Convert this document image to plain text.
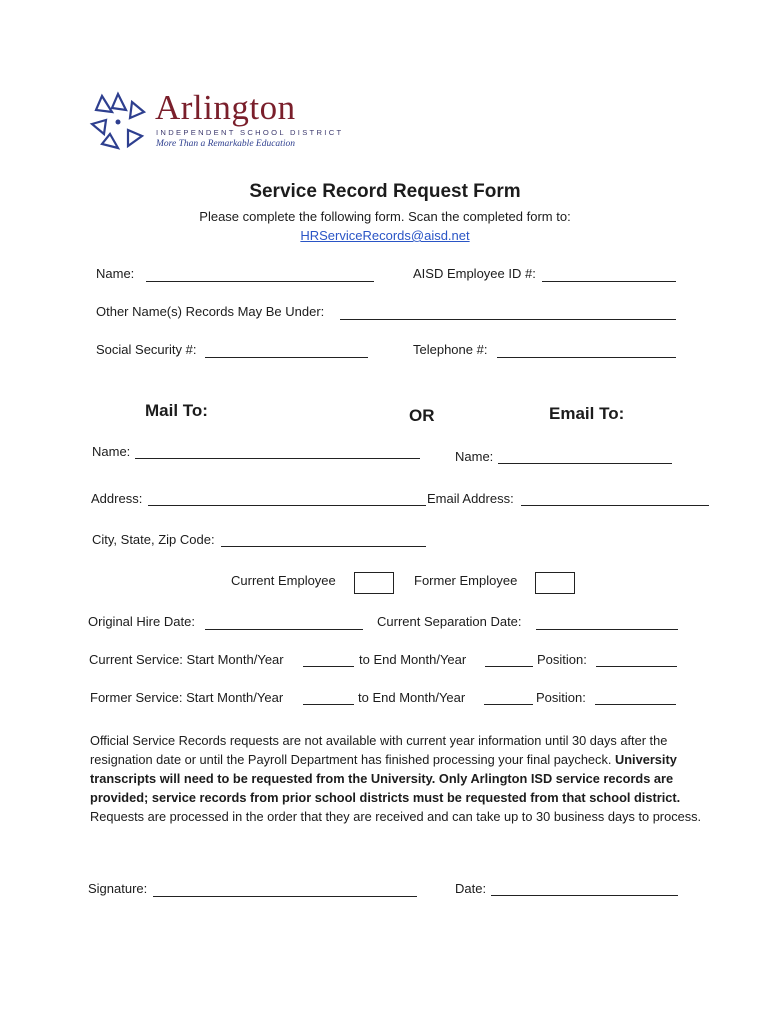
Arlington
INDEPENDENT SCHOOL DISTRICT
More Than a Remarkable Education
Service Record Request Form
Please complete the following form. Scan the completed form to:
HRServiceRecords@aisd.net
Name:	AISD Employee ID #:
Other Name(s) Records May Be Under:
Social Security #:	Telephone #:
Mail To:	OR	Email To:
Name:	Name:
Address:	Email Address:
City, State, Zip Code:
Current Employee	Former Employee
Original Hire Date:	Current Separation Date:
Current Service: Start Month/Year	to End Month/Year	Position:
Former Service: Start Month/Year	to End Month/Year	Position:
Official Service Records requests are not available with current year information until 30 days after the resignation date or until the Payroll Department has finished processing your final paycheck. University transcripts will need to be requested from the University. Only Arlington ISD service records are provided; service records from prior school districts must be requested from that school district. Requests are processed in the order that they are received and can take up to 30 business days to process.
Signature:	Date:
